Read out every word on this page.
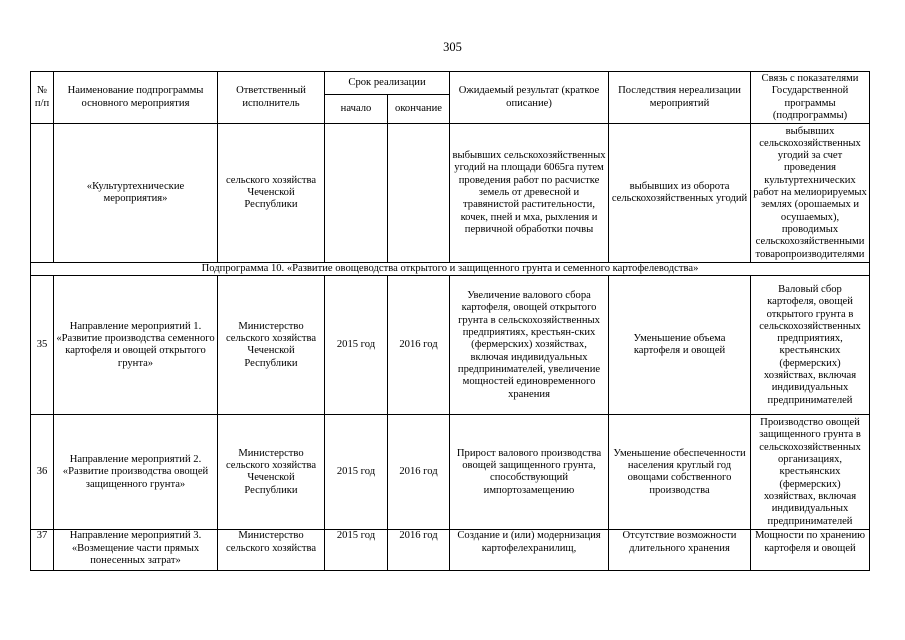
305
№ п/п	Наименование подпрограммы основного мероприятия	Ответственный исполнитель	Срок реализации		Ожидаемый результат (краткое описание)	Последствия нереализации мероприятий	Связь с показателями Государственной программы (подпрограммы)
			начало	окончание			
	«Культуртехнические мероприятия»	сельского хозяйства Чеченской Республики			выбывших сельскохозяйственных угодий на площади 6065га путем проведения работ по расчистке земель от древесной и травянистой растительности, кочек, пней и мха, рыхления и первичной обработки почвы	выбывших из оборота сельскохозяйственных угодий	выбывших сельскохозяйственных угодий за счет проведения культуртехнических работ на мелиорируемых землях (орошаемых и осушаемых), проводимых сельскохозяйственными товаропроизводителями
Подпрограмма 10. «Развитие овощеводства открытого и защищенного грунта и семенного картофелеводства»							
35	Направление мероприятий 1. «Развитие производства семенного картофеля и овощей открытого грунта»	Министерство сельского хозяйства Чеченской Республики	2015 год	2016 год	Увеличение валового сбора картофеля, овощей открытого грунта в сельскохозяйственных предприятиях, крестьян-ских (фермерских) хозяйствах, включая индивидуальных предпринимателей, увеличение мощностей единовременного хранения	Уменьшение объема картофеля и овощей	Валовый сбор картофеля, овощей открытого грунта в сельскохозяйственных предприятиях, крестьянских (фермерских) хозяйствах, включая индивидуальных предпринимателей
36	Направление мероприятий 2. «Развитие производства овощей защищенного грунта»	Министерство сельского хозяйства Чеченской Республики	2015 год	2016 год	Прирост валового производства овощей защищенного грунта, способствующий импортозамещению	Уменьшение обеспеченности населения круглый год овощами собственного производства	Производство овощей защищенного грунта в сельскохозяйственных организациях, крестьянских (фермерских) хозяйствах, включая индивидуальных предпринимателей
37	Направление мероприятий 3. «Возмещение части прямых понесенных затрат»	Министерство сельского хозяйства	2015 год	2016 год	Создание и (или) модернизация картофелехранилищ,	Отсутствие возможности длительного хранения	Мощности по хранению картофеля и овощей
